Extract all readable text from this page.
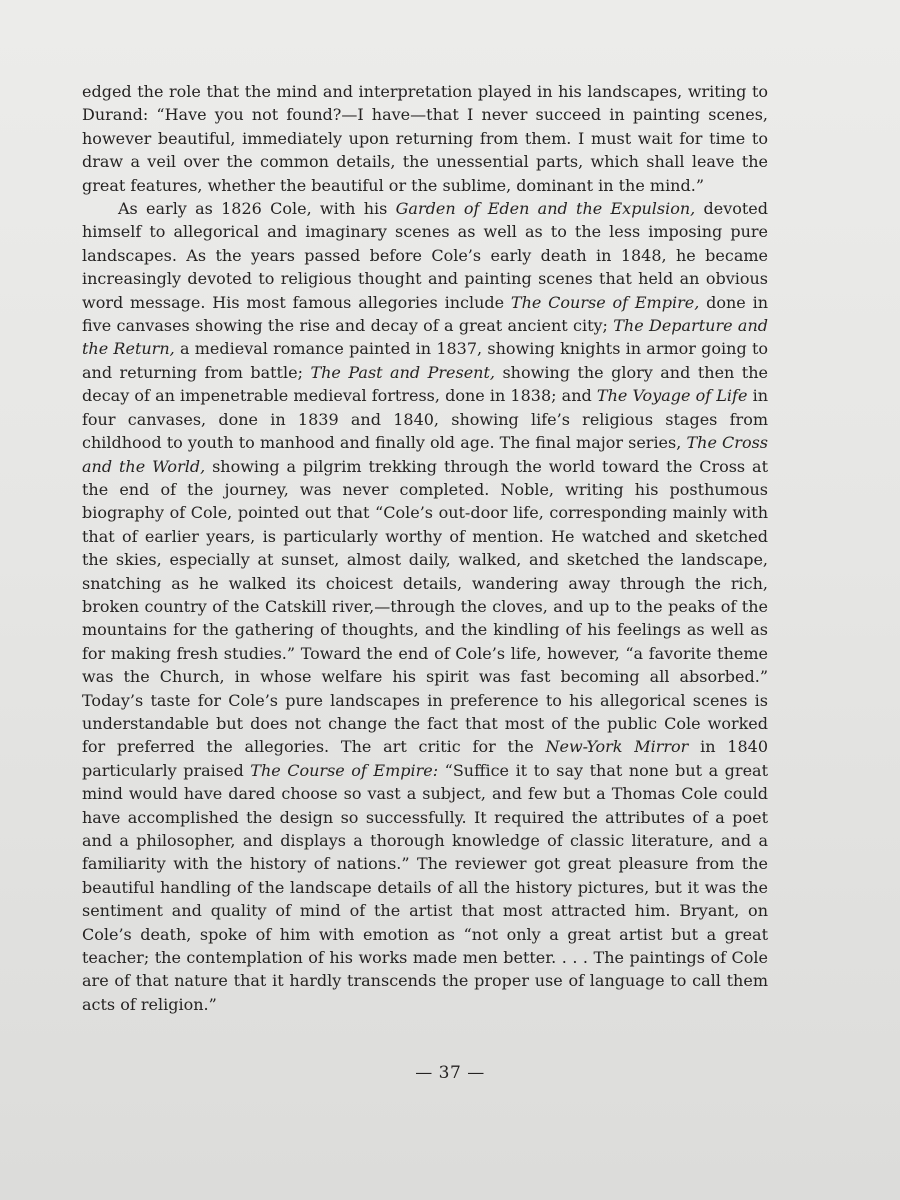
edged the role that the mind and interpretation played in his landscapes, writing to Durand: “Have you not found?—I have—that I never succeed in painting scenes, however beautiful, immediately upon returning from them. I must wait for time to draw a veil over the common details, the unessential parts, which shall leave the great features, whether the beautiful or the sublime, dominant in the mind.”

As early as 1826 Cole, with his Garden of Eden and the Expulsion, devoted himself to allegorical and imaginary scenes as well as to the less imposing pure landscapes. As the years passed before Cole’s early death in 1848, he became increasingly devoted to religious thought and painting scenes that held an obvious word message. His most famous allegories include The Course of Empire, done in five canvases showing the rise and decay of a great ancient city; The Departure and the Return, a medieval romance painted in 1837, showing knights in armor going to and returning from battle; The Past and Present, showing the glory and then the decay of an impenetrable medieval fortress, done in 1838; and The Voyage of Life in four canvases, done in 1839 and 1840, showing life’s religious stages from childhood to youth to manhood and finally old age. The final major series, The Cross and the World, showing a pilgrim trekking through the world toward the Cross at the end of the journey, was never completed. Noble, writing his posthumous biography of Cole, pointed out that “Cole’s out-door life, corresponding mainly with that of earlier years, is particularly worthy of mention. He watched and sketched the skies, especially at sunset, almost daily, walked, and sketched the landscape, snatching as he walked its choicest details, wandering away through the rich, broken country of the Catskill river,—through the cloves, and up to the peaks of the mountains for the gathering of thoughts, and the kindling of his feelings as well as for making fresh studies.” Toward the end of Cole’s life, however, “a favorite theme was the Church, in whose welfare his spirit was fast becoming all absorbed.” Today’s taste for Cole’s pure landscapes in preference to his allegorical scenes is understandable but does not change the fact that most of the public Cole worked for preferred the allegories. The art critic for the New-York Mirror in 1840 particularly praised The Course of Empire: “Suffice it to say that none but a great mind would have dared choose so vast a subject, and few but a Thomas Cole could have accomplished the design so successfully. It required the attributes of a poet and a philosopher, and displays a thorough knowledge of classic literature, and a familiarity with the history of nations.” The reviewer got great pleasure from the beautiful handling of the landscape details of all the history pictures, but it was the sentiment and quality of mind of the artist that most attracted him. Bryant, on Cole’s death, spoke of him with emotion as “not only a great artist but a great teacher; the contemplation of his works made men better. . . . The paintings of Cole are of that nature that it hardly transcends the proper use of language to call them acts of religion.”

— 37 —
